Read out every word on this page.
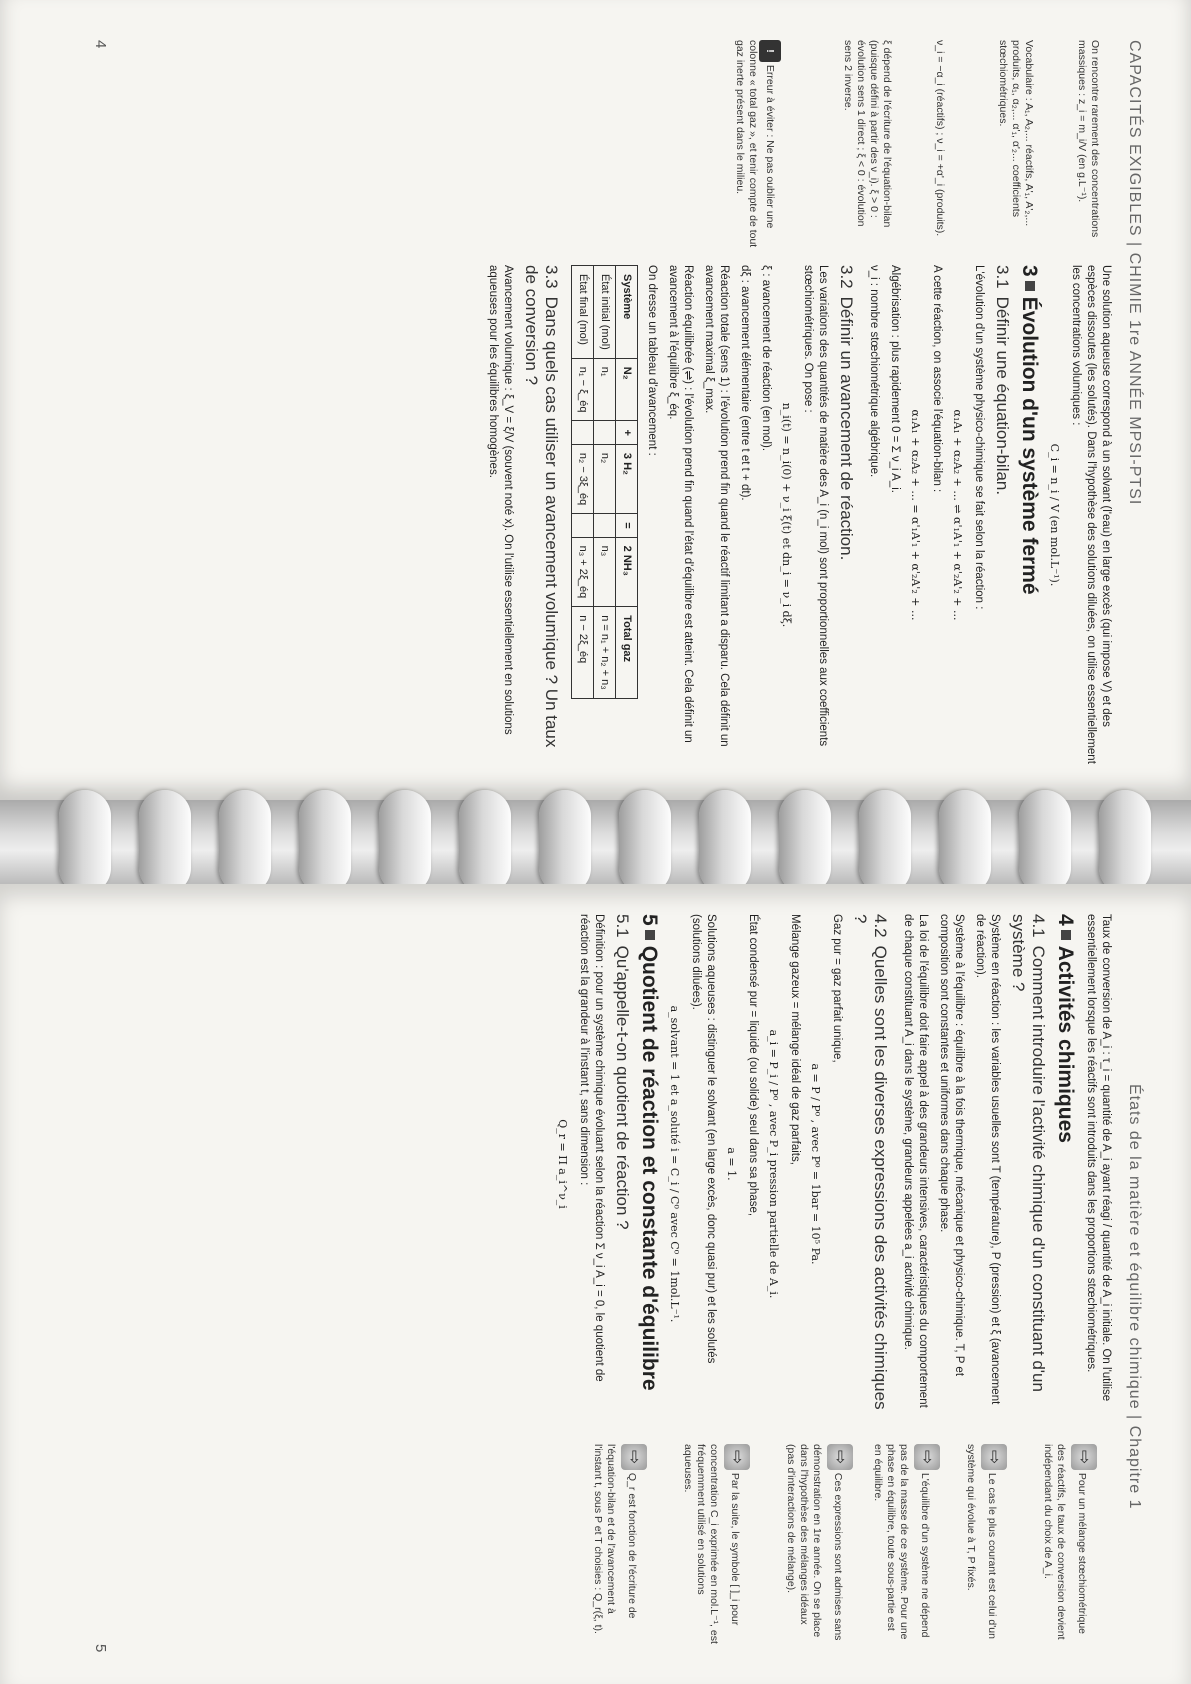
CAPACITÉS EXIGIBLES | CHIMIE 1re ANNÉE MPSI-PTSI
On rencontre rarement des concentrations massiques : z_i = m_i/V (en g.L⁻¹).
Vocabulaire : A₁, A₂,... réactifs, A'₁, A'₂,... produits, α₁, α₂,... α'₁, α'₂... coefficients stœchiométriques.
ν_i = −α_i (réactifs) ; ν_i = +α'_i (produits).
ξ dépend de l'écriture de l'équation-bilan (puisque défini à partir des ν_i). ξ > 0 : évolution sens 1 direct ; ξ < 0 : évolution sens 2 inverse.
! Erreur à éviter : Ne pas oublier une colonne « total gaz », et tenir compte de tout gaz inerte présent dans le milieu.

Une solution aqueuse correspond à un solvant (l'eau) en large excès (qui impose V) et des espèces dissoutes (les solutés). Dans l'hypothèse des solutions diluées, on utilise essentiellement les concentrations volumiques :

C_i = n_i / V (en mol.L⁻¹).
3Évolution d'un système fermé
3.1Définir une équation-bilan.

L'évolution d'un système physico-chimique se fait selon la réaction :

α₁A₁ + α₂A₂ + ... ⇌ α'₁A'₁ + α'₂A'₂ + ...

A cette réaction, on associe l'équation-bilan :

α₁A₁ + α₂A₂ + ... = α'₁A'₁ + α'₂A'₂ + ...

Algébrisation : plus rapidement 0 = Σ ν_i A_i.

ν_i : nombre stœchiométrique algébrique.

3.2Définir un avancement de réaction.

Les variations des quantités de matière des A_i (n_i mol) sont proportionnelles aux coefficients stœchiométriques. On pose :

n_i(t) = n_i(0) + ν_i ξ(t) et dn_i = ν_i dξ.

ξ : avancement de réaction (en mol).

dξ : avancement élémentaire (entre t et t + dt).

Réaction totale (sens 1) : l'évolution prend fin quand le réactif limitant a disparu. Cela définit un avancement maximal ξ_max.

Réaction équilibrée (⇌) : l'évolution prend fin quand l'état d'équilibre est atteint. Cela définit un avancement à l'équilibre ξ_éq.

On dresse un tableau d'avancement :

Système	N₂	+	3 H₂	=	2 NH₃	Total gaz
État initial (mol)	n₁		n₂		n₃	n = n₁ + n₂ + n₃
État final (mol)	n₁ − ξ_éq		n₂ − 3ξ_éq		n₃ + 2ξ_éq	n − 2ξ_éq
3.3Dans quels cas utiliser un avancement volumique ? Un taux de conversion ?

Avancement volumique : ξ_V = ξ/V (souvent noté x). On l'utilise essentiellement en solutions aqueuses pour les équilibres homogènes.

4
États de la matière et équilibre chimique | Chapitre 1

Taux de conversion de A_i : τ_i = quantité de A_i ayant réagi / quantité de A_i initiale. On l'utilise essentiellement lorsque les réactifs sont introduits dans les proportions stœchiométriques.

4Activités chimiques
4.1Comment introduire l'activité chimique d'un constituant d'un système ?

Système en réaction : les variables usuelles sont T (température), P (pression) et ξ (avancement de réaction).

Système à l'équilibre : équilibre à la fois thermique, mécanique et physico-chimique. T, P et composition sont constantes et uniformes dans chaque phase.

La loi de l'équilibre doit faire appel à des grandeurs intensives, caractéristiques du comportement de chaque constituant A_i dans le système, grandeurs appelées a_i activité chimique.

4.2Quelles sont les diverses expressions des activités chimiques ?

Gaz pur = gaz parfait unique,

a = P / P⁰ , avec P⁰ = 1bar = 10⁵ Pa.

Mélange gazeux = mélange idéal de gaz parfaits,

a_i = P_i / P⁰ , avec P_i pression partielle de A_i.

État condensé pur = liquide (ou solide) seul dans sa phase,

a = 1.

Solutions aqueuses : distinguer le solvant (en large excès, donc quasi pur) et les solutés (solutions diluées).

a_solvant = 1 et a_soluté i = C_i / C⁰ avec C⁰ = 1mol.L⁻¹.
5Quotient de réaction et constante d'équilibre
5.1Qu'appelle-t-on quotient de réaction ?

Définition : pour un système chimique évoluant selon la réaction Σ ν_i A_i = 0, le quotient de réaction est la grandeur à l'instant t, sans dimension :

Q_r = Π a_i^ν_i
⇨ Pour un mélange stœchiométrique des réactifs, le taux de conversion devient indépendant du choix de A_i.
⇨ Le cas le plus courant est celui d'un système qui évolue à T, P fixés.
⇨ L'équilibre d'un système ne dépend pas de la masse de ce système. Pour une phase en équilibre, toute sous-partie est en équilibre.
⇨ Ces expressions sont admises sans démonstration en 1re année. On se place dans l'hypothèse des mélanges idéaux (pas d'interactions de mélange).
⇨ Par la suite, le symbole [ ]_i pour concentration C_i exprimée en mol.L⁻¹, est fréquemment utilisé en solutions aqueuses.
⇨ Q_r est fonction de l'écriture de l'équation-bilan et de l'avancement à l'instant t, sous P et T choisies : Q_r(ξ, t).
5
